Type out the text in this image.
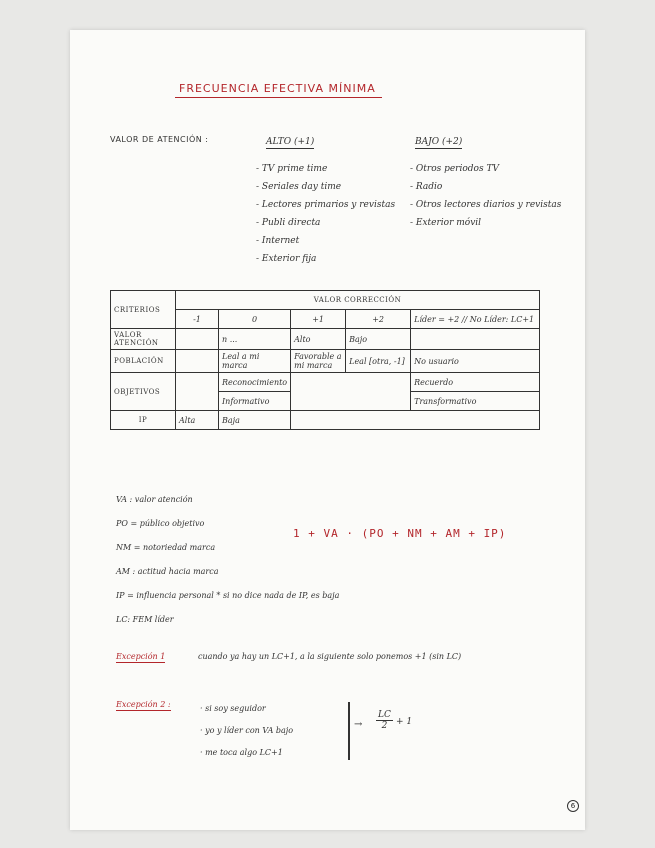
FRECUENCIA EFECTIVA MÍNIMA
VALOR DE ATENCIÓN :	ALTO (+1)	BAJO (+2)
- TV prime time
- Seriales day time
- Lectores primarios y revistas
- Publi directa
- Internet
- Exterior fija
- Otros periodos TV
- Radio
- Otros lectores diarios y revistas
- Exterior móvil
CRITERIOS	VALOR CORRECCIÓN				
	-1	0	+1	+2	Líder = +2 // No Líder: LC+1
VALOR ATENCIÓN		n ...	Alto	Bajo	
POBLACIÓN		Leal a mi marca	Favorable a mi marca	Leal [otra, -1]	No usuario
OBJETIVOS		Reconocimiento			Recuerdo
		Informativo			Transformativo
IP	Alta	Baja			
VA : valor atención
PO = público objetivo
NM = notoriedad marca
AM : actitud hacia marca
IP = influencia personal * si no dice nada de IP, es baja
LC: FEM líder
1 + VA · (PO + NM + AM + IP)
Excepción 1	cuando ya hay un LC+1, a la siguiente solo ponemos +1 (sin LC)
Excepción 2 :	· si soy seguidor
· yo y líder con VA bajo
· me toca algo LC+1
→ $\frac{LC}{2} + 1$
6
